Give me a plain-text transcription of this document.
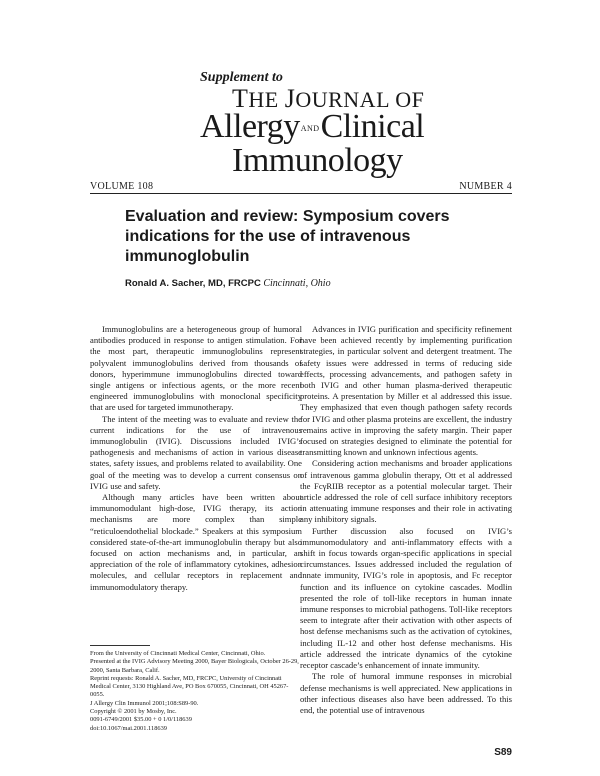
Supplement to
THE JOURNAL OF
AllergyANDClinical
Immunology
VOLUME 108	NUMBER 4
Evaluation and review: Symposium covers indications for the use of intravenous immunoglobulin
Ronald A. Sacher, MD, FRCPC Cincinnati, Ohio

Immunoglobulins are a heterogeneous group of humoral antibodies produced in response to antigen stimulation. For the most part, therapeutic immunoglobulins represent polyvalent immunoglobulins derived from thousands of donors, hyperimmune immunoglobulins directed toward single antigens or infectious agents, or the more recent engineered immunoglobulins with monoclonal specificity that are used for targeted immunotherapy.

The intent of the meeting was to evaluate and review the current indications for the use of intravenous immunoglobulin (IVIG). Discussions included IVIG’s pathogenesis and mechanisms of action in various disease states, safety issues, and problems related to availability. One goal of the meeting was to develop a current consensus on IVIG use and safety.

Although many articles have been written about immunomodulant high-dose, IVIG therapy, its action mechanisms are more complex than simple “reticuloendothelial blockade.” Speakers at this symposium considered state-of-the-art immunoglobulin therapy but also focused on action mechanisms and, in particular, an appreciation of the role of inflammatory cytokines, adhesion molecules, and cellular receptors in replacement and immunomodulatory therapy.

Advances in IVIG purification and specificity refinement have been achieved recently by implementing purification strategies, in particular solvent and detergent treatment. The safety issues were addressed in terms of reducing side effects, processing advancements, and pathogen safety in both IVIG and other human plasma-derived therapeutic proteins. A presentation by Miller et al addressed this issue. They emphasized that even though pathogen safety records for IVIG and other plasma proteins are excellent, the industry remains active in improving the safety margin. Their paper focused on strategies designed to eliminate the potential for transmitting known and unknown infectious agents.

Considering action mechanisms and broader applications of intravenous gamma globulin therapy, Ott et al addressed the FcγRIIB receptor as a potential molecular target. Their article addressed the role of cell surface inhibitory receptors in attenuating immune responses and their role in activating any inhibitory signals.

Further discussion also focused on IVIG’s immunomodulatory and anti-inflammatory effects with a shift in focus towards organ-specific applications in special circumstances. Issues addressed included the regulation of innate immunity, IVIG’s role in apoptosis, and Fc receptor function and its influence on cytokine cascades. Modlin presented the role of toll-like receptors in human innate immune responses to microbial pathogens. Toll-like receptors seem to integrate after their activation with other aspects of host defense mechanisms such as the activation of cytokines, including IL-12 and other host defense mechanisms. His article addressed the intricate dynamics of the cytokine receptor cascade’s enhancement of innate immunity.

The role of humoral immune responses in microbial defense mechanisms is well appreciated. New applications in other infectious diseases also have been addressed. To this end, the potential use of intravenous

From the University of Cincinnati Medical Center, Cincinnati, Ohio.

Presented at the IVIG Advisory Meeting 2000, Bayer Biologicals, October 26-29, 2000, Santa Barbara, Calif.

Reprint requests: Ronald A. Sacher, MD, FRCPC, University of Cincinnati Medical Center, 3130 Highland Ave, PO Box 670055, Cincinnati, OH 45267-0055.

J Allergy Clin Immunol 2001;108:S89-90.

Copyright © 2001 by Mosby, Inc.

0091-6749/2001 $35.00 + 0 1/0/118639

doi:10.1067/mai.2001.118639

S89
